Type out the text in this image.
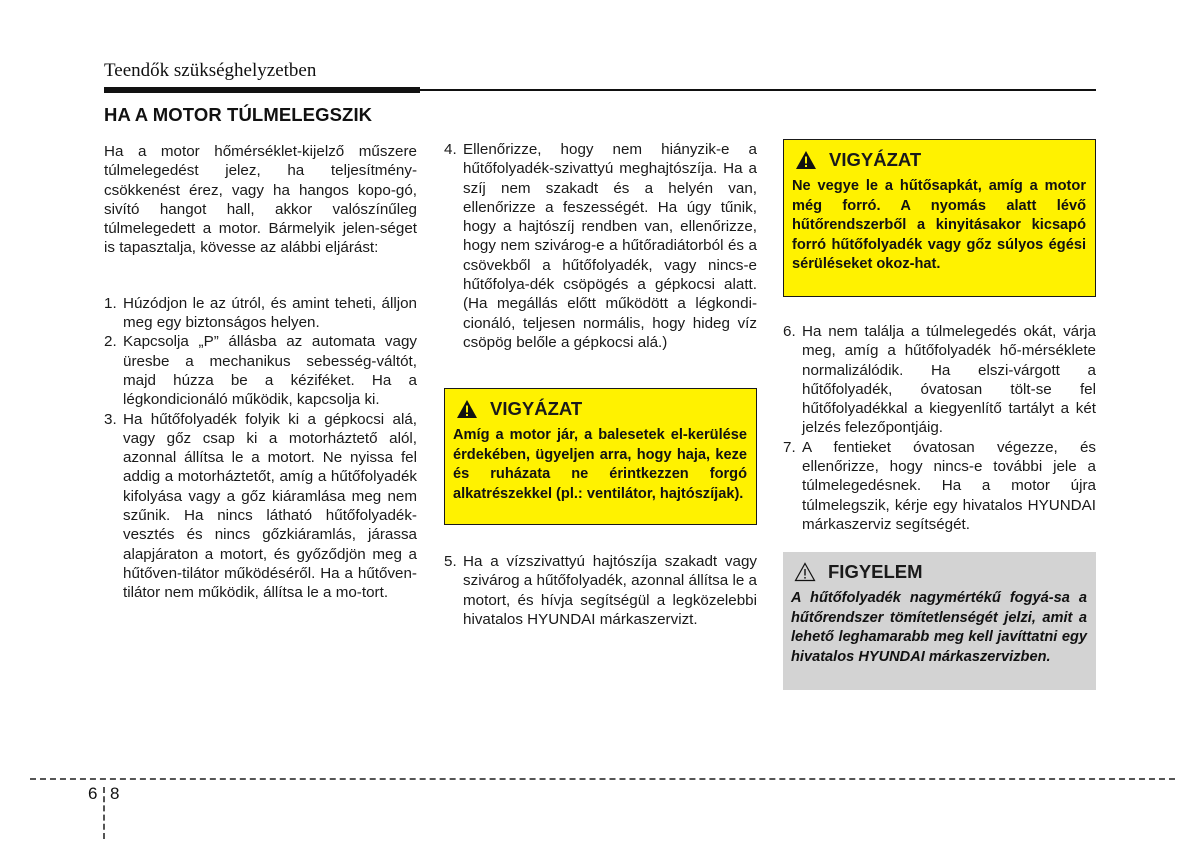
Teendők szükséghelyzetben
HA A MOTOR TÚLMELEGSZIK

Ha a motor hőmérséklet-kijelző műszere túlmelegedést jelez, ha teljesítmény-csökkenést érez, vagy ha hangos kopo-gó, sivító hangot hall, akkor valószínűleg túlmelegedett a motor. Bármelyik jelen-séget is tapasztalja, kövesse az alábbi eljárást:

1. Húzódjon le az útról, és amint teheti, álljon meg egy biztonságos helyen.
2. Kapcsolja „P” állásba az automata vagy üresbe a mechanikus sebesség-váltót, majd húzza be a kéziféket. Ha a légkondicionáló működik, kapcsolja ki.
3. Ha hűtőfolyadék folyik ki a gépkocsi alá, vagy gőz csap ki a motorháztető alól, azonnal állítsa le a motort. Ne nyissa fel addig a motorháztetőt, amíg a hűtőfolyadék kifolyása vagy a gőz kiáramlása meg nem szűnik. Ha nincs látható hűtőfolyadék-vesztés és nincs gőzkiáramlás, járassa alapjáraton a motort, és győződjön meg a hűtőven-tilátor működéséről. Ha a hűtőven-tilátor nem működik, állítsa le a mo-tort.
4. Ellenőrizze, hogy nem hiányzik-e a hűtőfolyadék-szivattyú meghajtószíja. Ha a szíj nem szakadt és a helyén van, ellenőrizze a feszességét. Ha úgy tűnik, hogy a hajtószíj rendben van, ellenőrizze, hogy nem szivárog-e a hűtőradiátorból és a csövekből a hűtőfolyadék, vagy nincs-e hűtőfolya-dék csöpögés a gépkocsi alatt. (Ha megállás előtt működött a légkondi-cionáló, teljesen normális, hogy hideg víz csöpög belőle a gépkocsi alá.)
VIGYÁZAT
Amíg a motor jár, a balesetek el-kerülése érdekében, ügyeljen arra, hogy haja, keze és ruházata ne érintkezzen forgó alkatrészekkel (pl.: ventilátor, hajtószíjak).
5. Ha a vízszivattyú hajtószíja szakadt vagy szivárog a hűtőfolyadék, azonnal állítsa le a motort, és hívja segítségül a legközelebbi hivatalos HYUNDAI márkaszervizt.
VIGYÁZAT
Ne vegye le a hűtősapkát, amíg a motor még forró. A nyomás alatt lévő hűtőrendszerből a kinyitásakor kicsapó forró hűtőfolyadék vagy gőz súlyos égési sérüléseket okoz-hat.
6. Ha nem találja a túlmelegedés okát, várja meg, amíg a hűtőfolyadék hő-mérséklete normalizálódik. Ha elszi-várgott a hűtőfolyadék, óvatosan tölt-se fel hűtőfolyadékkal a kiegyenlítő tartályt a két jelzés felezőpontjáig.
7. A fentieket óvatosan végezze, és ellenőrizze, hogy nincs-e további jele a túlmelegedésnek. Ha a motor újra túlmelegszik, kérje egy hivatalos HYUNDAI márkaszerviz segítségét.
FIGYELEM
A hűtőfolyadék nagymértékű fogyá-sa a hűtőrendszer tömítetlenségét jelzi, amit a lehető leghamarabb meg kell javíttatni egy hivatalos HYUNDAI márkaszervizben.
6 8
